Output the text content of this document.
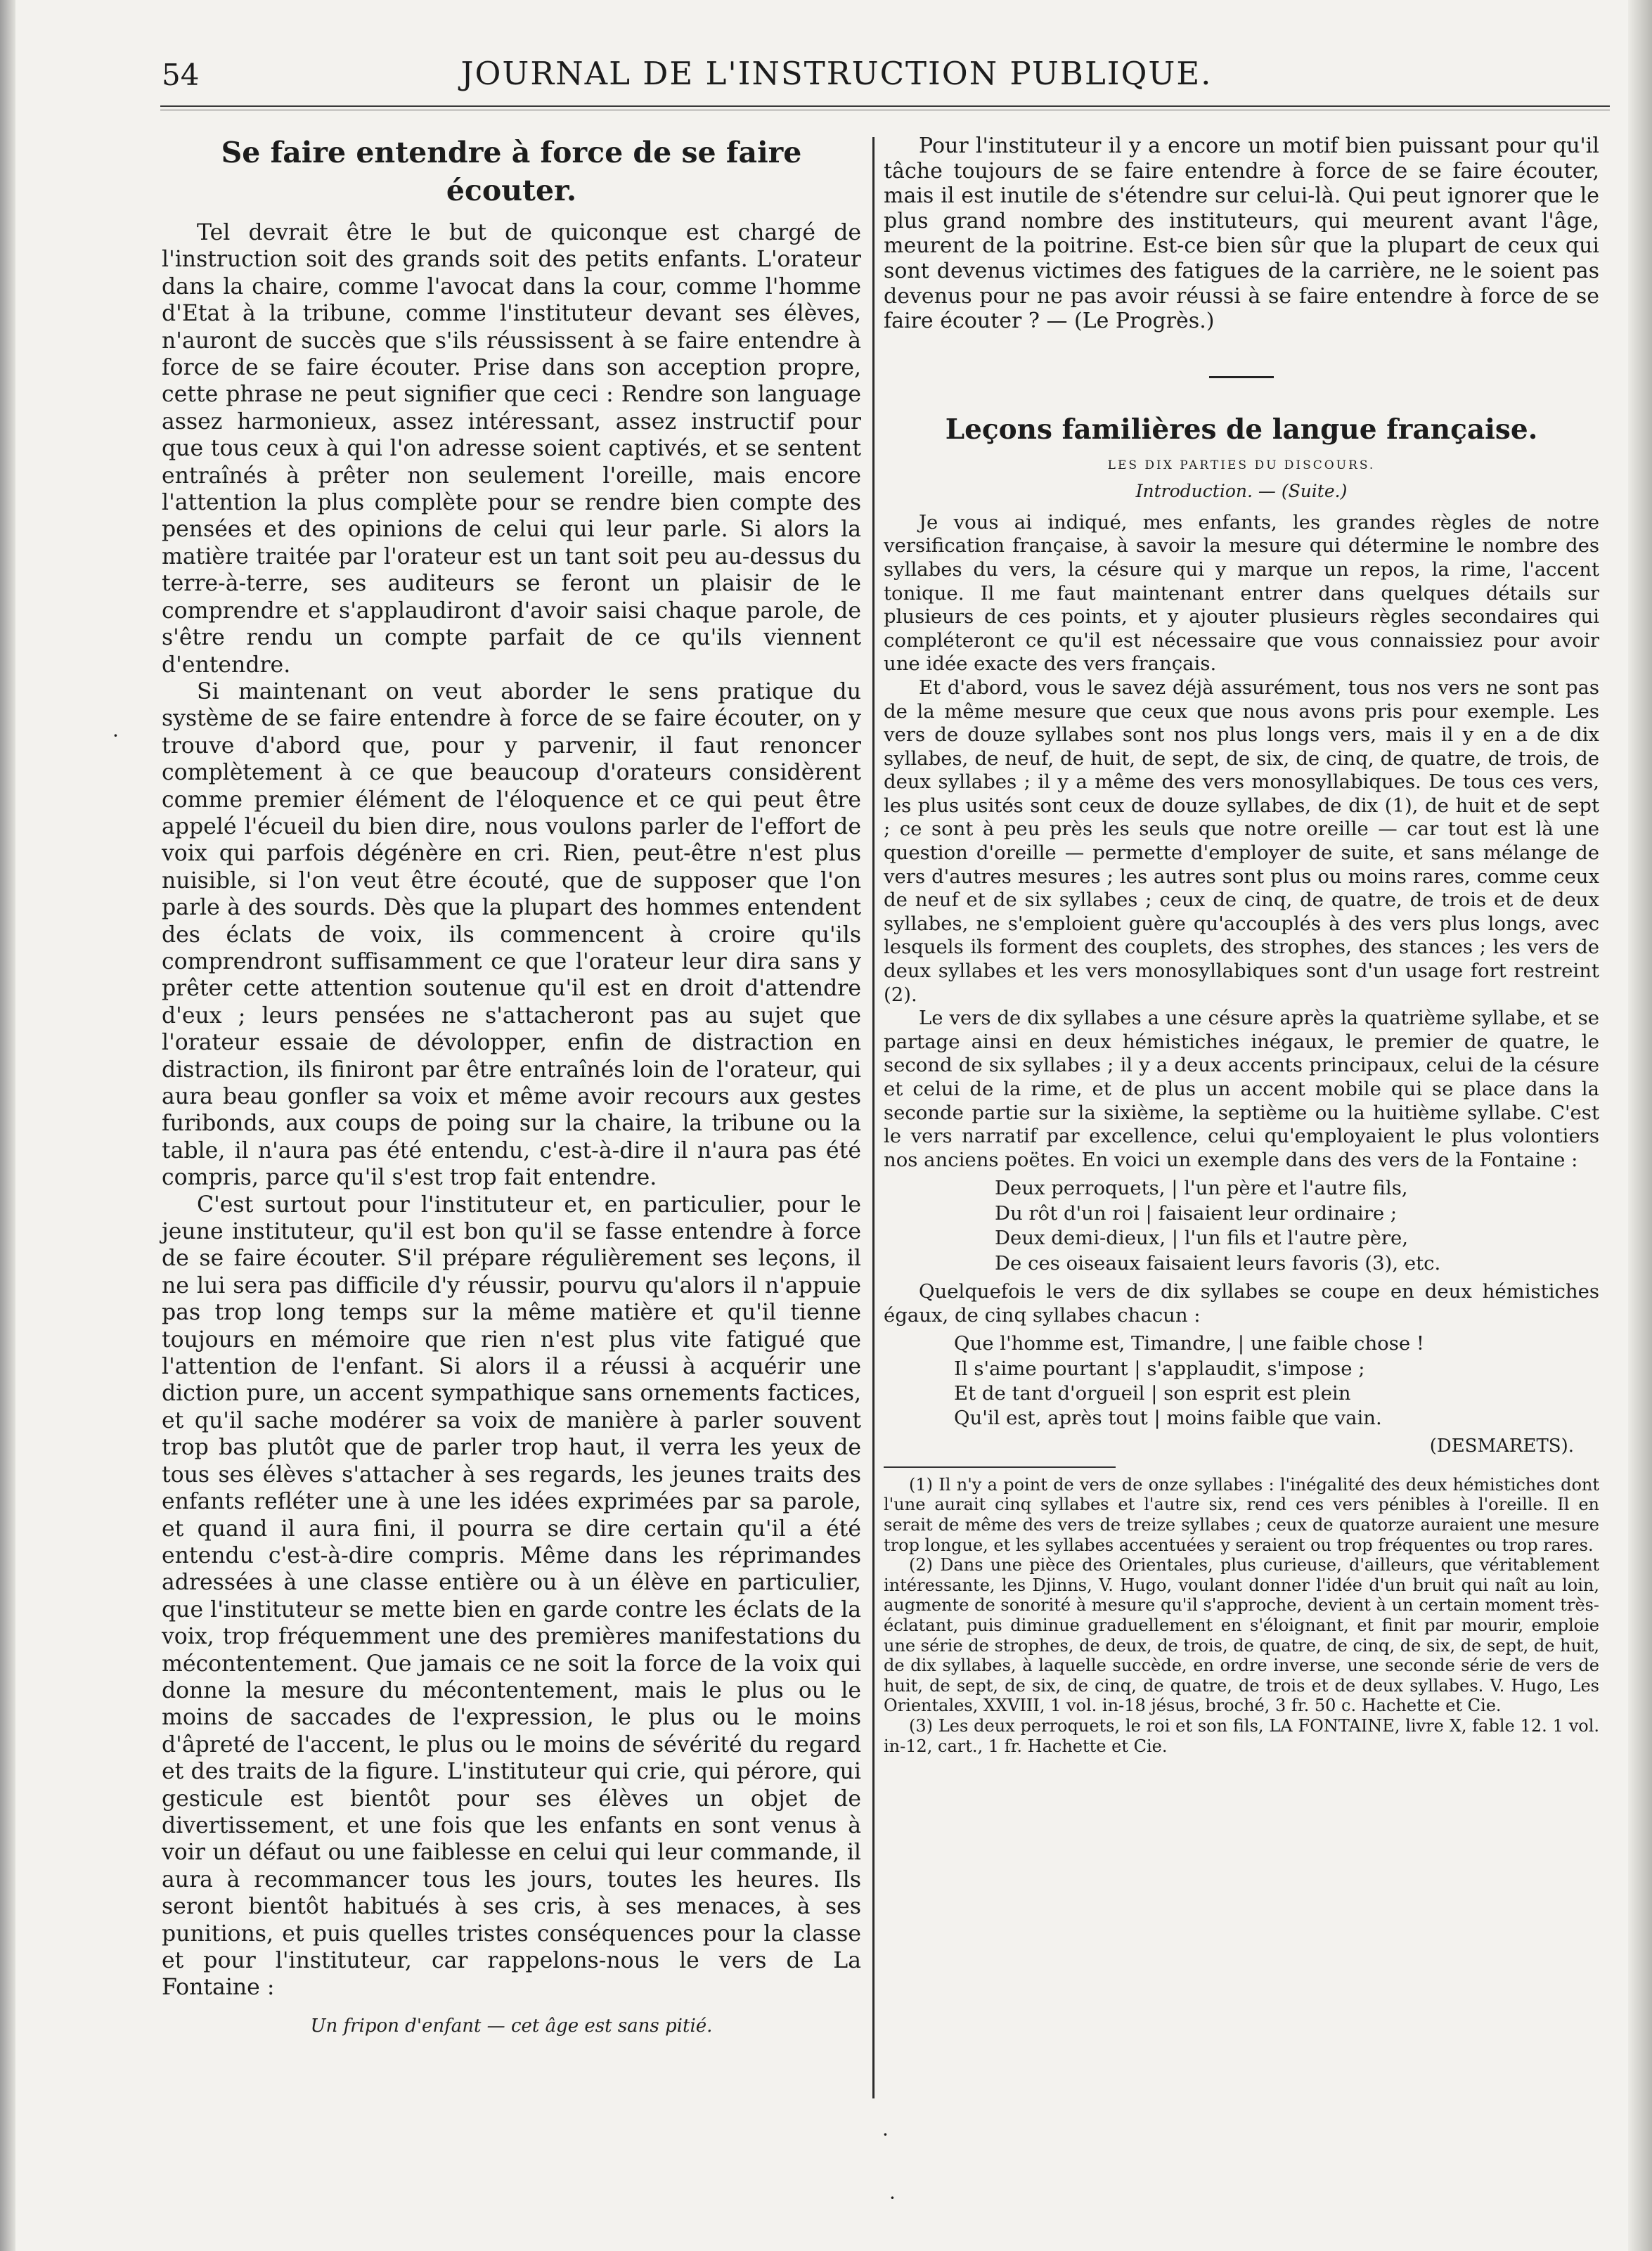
54	JOURNAL DE L'INSTRUCTION PUBLIQUE.
Se faire entendre à force de se faire écouter.

Tel devrait être le but de quiconque est chargé de l'instruction soit des grands soit des petits enfants. L'orateur dans la chaire, comme l'avocat dans la cour, comme l'homme d'Etat à la tribune, comme l'instituteur devant ses élèves, n'auront de succès que s'ils réussissent à se faire entendre à force de se faire écouter. Prise dans son acception propre, cette phrase ne peut signifier que ceci : Rendre son language assez harmonieux, assez intéressant, assez instructif pour que tous ceux à qui l'on adresse soient captivés, et se sentent entraînés à prêter non seulement l'oreille, mais encore l'attention la plus complète pour se rendre bien compte des pensées et des opinions de celui qui leur parle. Si alors la matière traitée par l'orateur est un tant soit peu au-dessus du terre-à-terre, ses auditeurs se feront un plaisir de le comprendre et s'applaudiront d'avoir saisi chaque parole, de s'être rendu un compte parfait de ce qu'ils viennent d'entendre.

Si maintenant on veut aborder le sens pratique du système de se faire entendre à force de se faire écouter, on y trouve d'abord que, pour y parvenir, il faut renoncer complètement à ce que beaucoup d'orateurs considèrent comme premier élément de l'éloquence et ce qui peut être appelé l'écueil du bien dire, nous voulons parler de l'effort de voix qui parfois dégénère en cri. Rien, peut-être n'est plus nuisible, si l'on veut être écouté, que de supposer que l'on parle à des sourds. Dès que la plupart des hommes entendent des éclats de voix, ils commencent à croire qu'ils comprendront suffisamment ce que l'orateur leur dira sans y prêter cette attention soutenue qu'il est en droit d'attendre d'eux ; leurs pensées ne s'attacheront pas au sujet que l'orateur essaie de dévolopper, enfin de distraction en distraction, ils finiront par être entraînés loin de l'orateur, qui aura beau gonfler sa voix et même avoir recours aux gestes furibonds, aux coups de poing sur la chaire, la tribune ou la table, il n'aura pas été entendu, c'est-à-dire il n'aura pas été compris, parce qu'il s'est trop fait entendre.

C'est surtout pour l'instituteur et, en particulier, pour le jeune instituteur, qu'il est bon qu'il se fasse entendre à force de se faire écouter. S'il prépare régulièrement ses leçons, il ne lui sera pas difficile d'y réussir, pourvu qu'alors il n'appuie pas trop long temps sur la même matière et qu'il tienne toujours en mémoire que rien n'est plus vite fatigué que l'attention de l'enfant. Si alors il a réussi à acquérir une diction pure, un accent sympathique sans ornements factices, et qu'il sache modérer sa voix de manière à parler souvent trop bas plutôt que de parler trop haut, il verra les yeux de tous ses élèves s'attacher à ses regards, les jeunes traits des enfants refléter une à une les idées exprimées par sa parole, et quand il aura fini, il pourra se dire certain qu'il a été entendu c'est-à-dire compris. Même dans les réprimandes adressées à une classe entière ou à un élève en particulier, que l'instituteur se mette bien en garde contre les éclats de la voix, trop fréquemment une des premières manifestations du mécontentement. Que jamais ce ne soit la force de la voix qui donne la mesure du mécontentement, mais le plus ou le moins de saccades de l'expression, le plus ou le moins d'âpreté de l'accent, le plus ou le moins de sévérité du regard et des traits de la figure. L'instituteur qui crie, qui pérore, qui gesticule est bientôt pour ses élèves un objet de divertissement, et une fois que les enfants en sont venus à voir un défaut ou une faiblesse en celui qui leur commande, il aura à recommancer tous les jours, toutes les heures. Ils seront bientôt habitués à ses cris, à ses menaces, à ses punitions, et puis quelles tristes conséquences pour la classe et pour l'instituteur, car rappelons-nous le vers de La Fontaine :

Un fripon d'enfant — cet âge est sans pitié.

Pour l'instituteur il y a encore un motif bien puissant pour qu'il tâche toujours de se faire entendre à force de se faire écouter, mais il est inutile de s'étendre sur celui-là. Qui peut ignorer que le plus grand nombre des instituteurs, qui meurent avant l'âge, meurent de la poitrine. Est-ce bien sûr que la plupart de ceux qui sont devenus victimes des fatigues de la carrière, ne le soient pas devenus pour ne pas avoir réussi à se faire entendre à force de se faire écouter ? — (Le Progrès.)

Leçons familières de langue française.
LES DIX PARTIES DU DISCOURS.
Introduction. — (Suite.)

Je vous ai indiqué, mes enfants, les grandes règles de notre versification française, à savoir la mesure qui détermine le nombre des syllabes du vers, la césure qui y marque un repos, la rime, l'accent tonique. Il me faut maintenant entrer dans quelques détails sur plusieurs de ces points, et y ajouter plusieurs règles secondaires qui compléteront ce qu'il est nécessaire que vous connaissiez pour avoir une idée exacte des vers français.

Et d'abord, vous le savez déjà assurément, tous nos vers ne sont pas de la même mesure que ceux que nous avons pris pour exemple. Les vers de douze syllabes sont nos plus longs vers, mais il y en a de dix syllabes, de neuf, de huit, de sept, de six, de cinq, de quatre, de trois, de deux syllabes ; il y a même des vers monosyllabiques. De tous ces vers, les plus usités sont ceux de douze syllabes, de dix (1), de huit et de sept ; ce sont à peu près les seuls que notre oreille — car tout est là une question d'oreille — permette d'employer de suite, et sans mélange de vers d'autres mesures ; les autres sont plus ou moins rares, comme ceux de neuf et de six syllabes ; ceux de cinq, de quatre, de trois et de deux syllabes, ne s'emploient guère qu'accouplés à des vers plus longs, avec lesquels ils forment des couplets, des strophes, des stances ; les vers de deux syllabes et les vers monosyllabiques sont d'un usage fort restreint (2).

Le vers de dix syllabes a une césure après la quatrième syllabe, et se partage ainsi en deux hémistiches inégaux, le premier de quatre, le second de six syllabes ; il y a deux accents principaux, celui de la césure et celui de la rime, et de plus un accent mobile qui se place dans la seconde partie sur la sixième, la septième ou la huitième syllabe. C'est le vers narratif par excellence, celui qu'employaient le plus volontiers nos anciens poëtes. En voici un exemple dans des vers de la Fontaine :

Deux perroquets, | l'un père et l'autre fils,
Du rôt d'un roi | faisaient leur ordinaire ;
Deux demi-dieux, | l'un fils et l'autre père,
De ces oiseaux faisaient leurs favoris (3), etc.

Quelquefois le vers de dix syllabes se coupe en deux hémistiches égaux, de cinq syllabes chacun :

Que l'homme est, Timandre, | une faible chose !
Il s'aime pourtant | s'applaudit, s'impose ;
Et de tant d'orgueil | son esprit est plein
Qu'il est, après tout | moins faible que vain.
(DESMARETS).

(1) Il n'y a point de vers de onze syllabes : l'inégalité des deux hémistiches dont l'une aurait cinq syllabes et l'autre six, rend ces vers pénibles à l'oreille. Il en serait de même des vers de treize syllabes ; ceux de quatorze auraient une mesure trop longue, et les syllabes accentuées y seraient ou trop fréquentes ou trop rares.

(2) Dans une pièce des Orientales, plus curieuse, d'ailleurs, que véritablement intéressante, les Djinns, V. Hugo, voulant donner l'idée d'un bruit qui naît au loin, augmente de sonorité à mesure qu'il s'approche, devient à un certain moment très-éclatant, puis diminue graduellement en s'éloignant, et finit par mourir, emploie une série de strophes, de deux, de trois, de quatre, de cinq, de six, de sept, de huit, de dix syllabes, à laquelle succède, en ordre inverse, une seconde série de vers de huit, de sept, de six, de cinq, de quatre, de trois et de deux syllabes. V. Hugo, Les Orientales, XXVIII, 1 vol. in-18 jésus, broché, 3 fr. 50 c. Hachette et Cie.

(3) Les deux perroquets, le roi et son fils, LA FONTAINE, livre X, fable 12. 1 vol. in-12, cart., 1 fr. Hachette et Cie.

·
·
·
